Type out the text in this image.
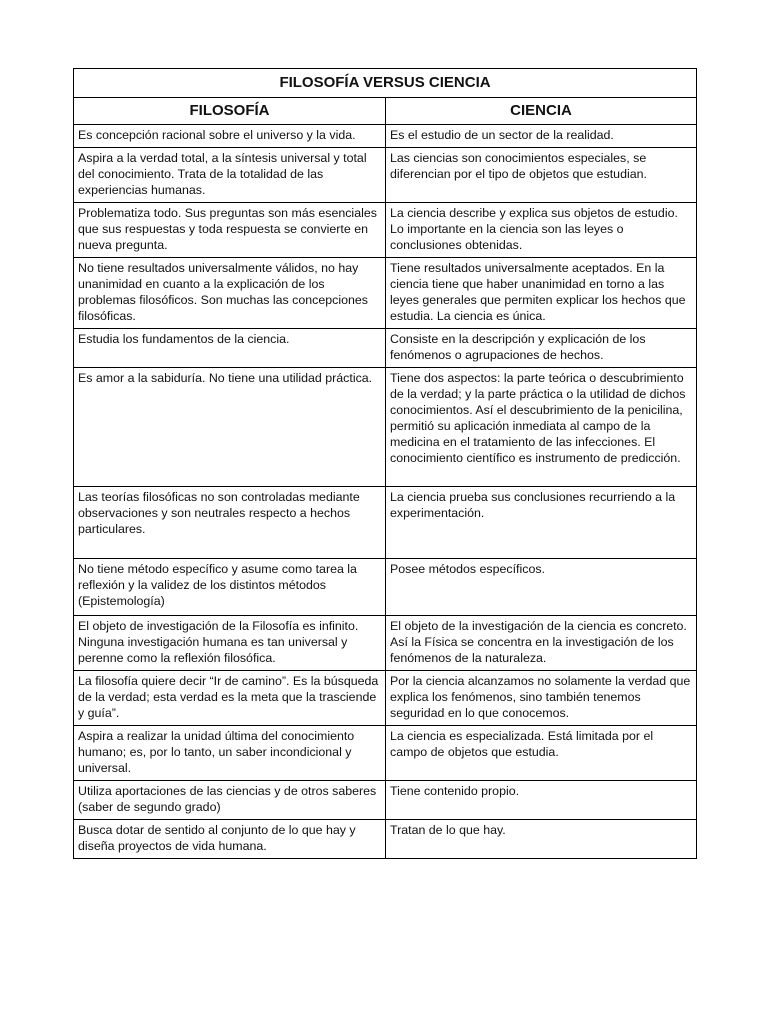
FILOSOFÍA VERSUS CIENCIA	
FILOSOFÍA	CIENCIA
Es concepción racional sobre el universo y la vida.	Es el estudio de un sector de la realidad.
Aspira a la verdad total, a la síntesis universal y total del conocimiento. Trata de la totalidad de las experiencias humanas.	Las ciencias son conocimientos especiales, se diferencian por el tipo de objetos que estudian.
Problematiza todo. Sus preguntas son más esenciales que sus respuestas y toda respuesta se convierte en nueva pregunta.	La ciencia describe y explica sus objetos de estudio. Lo importante en la ciencia son las leyes o conclusiones obtenidas.
No tiene resultados universalmente válidos, no hay unanimidad en cuanto a la explicación de los problemas filosóficos. Son muchas las concepciones filosóficas.	Tiene resultados universalmente aceptados. En la ciencia tiene que haber unanimidad en torno a las leyes generales que permiten explicar los hechos que estudia. La ciencia es única.
Estudia los fundamentos de la ciencia.	Consiste en la descripción y explicación de los fenómenos o agrupaciones de hechos.
Es amor a la sabiduría. No tiene una utilidad práctica.	Tiene dos aspectos: la parte teórica o descubrimiento de la verdad; y la parte práctica o la utilidad de dichos conocimientos. Así el descubrimiento de la penicilina, permitió su aplicación inmediata al campo de la medicina en el tratamiento de las infecciones. El conocimiento científico es instrumento de predicción.
Las teorías filosóficas no son controladas mediante observaciones y son neutrales respecto a hechos particulares.	La ciencia prueba sus conclusiones recurriendo a la experimentación.
No tiene método específico y asume como tarea la reflexión y la validez de los distintos métodos (Epistemología)	Posee métodos específicos.
El objeto de investigación de la Filosofía es infinito. Ninguna investigación humana es tan universal y perenne como la reflexión filosófica.	El objeto de la investigación de la ciencia es concreto. Así la Física se concentra en la investigación de los fenómenos de la naturaleza.
La filosofía quiere decir “Ir de camino”. Es la búsqueda de la verdad; esta verdad es la meta que la trasciende y guía”.	Por la ciencia alcanzamos no solamente la verdad que explica los fenómenos, sino también tenemos seguridad en lo que conocemos.
Aspira a realizar la unidad última del conocimiento humano; es, por lo tanto, un saber incondicional y universal.	La ciencia es especializada. Está limitada por el campo de objetos que estudia.
Utiliza aportaciones de las ciencias y de otros saberes (saber de segundo grado)	Tiene contenido propio.
Busca dotar de sentido al conjunto de lo que hay y diseña proyectos de vida humana.	Tratan de lo que hay.
